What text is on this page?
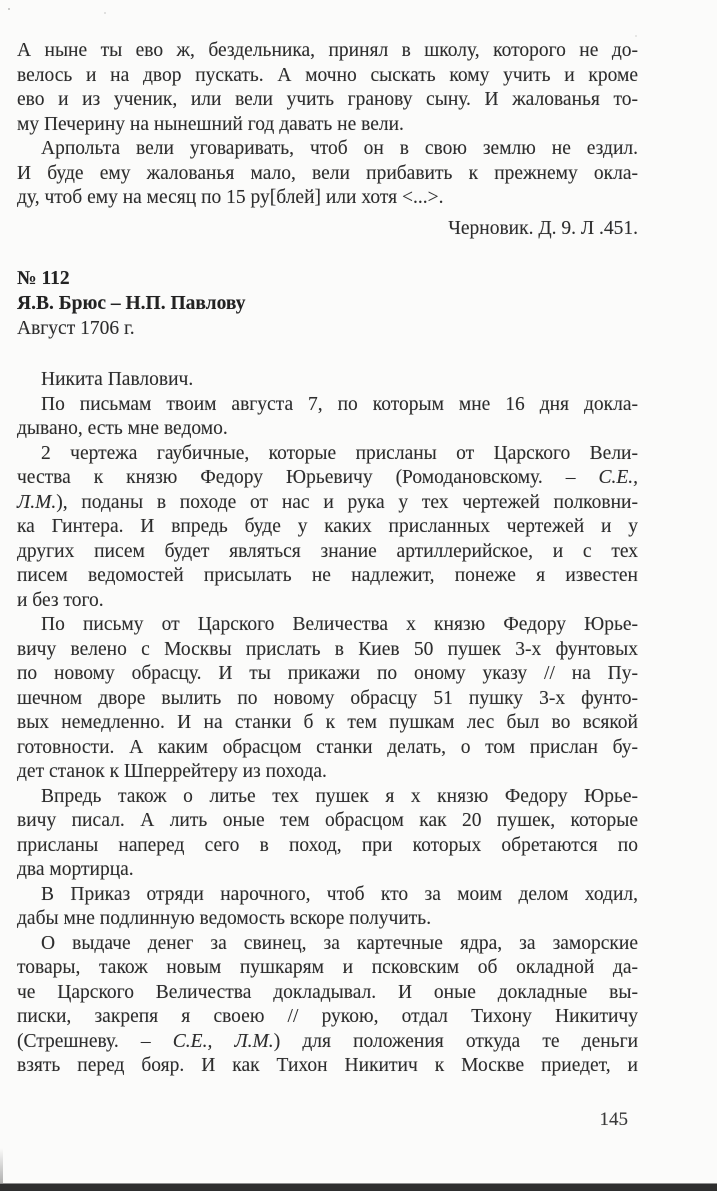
А ныне ты ево ж, бездельника, принял в школу, которого не до-
велось и на двор пускать. А мочно сыскать кому учить и кроме
ево и из ученик, или вели учить гранову сыну. И жалованья то-
му Печерину на нынешний год давать не вели.
Арпольта вели уговаривать, чтоб он в свою землю не ездил.
И буде ему жалованья мало, вели прибавить к прежнему окла-
ду, чтоб ему на месяц по 15 ру[блей] или хотя <...>.
Черновик. Д. 9. Л .451.
№ 112
Я.В. Брюс – Н.П. Павлову
Август 1706 г.
Никита Павлович.
По письмам твоим августа 7, по которым мне 16 дня докла-
дывано, есть мне ведомо.
2 чертежа гаубичные, которые присланы от Царского Вели-
чества к князю Федору Юрьевичу (Ромодановскому. – С.Е.,
Л.М.), поданы в походе от нас и рука у тех чертежей полковни-
ка Гинтера. И впредь буде у каких присланных чертежей и у
других писем будет являться знание артиллерийское, и с тех
писем ведомостей присылать не надлежит, понеже я известен
и без того.
По письму от Царского Величества х князю Федору Юрье-
вичу велено с Москвы прислать в Киев 50 пушек 3-х фунтовых
по новому обрасцу. И ты прикажи по оному указу // на Пу-
шечном дворе вылить по новому обрасцу 51 пушку 3-х фунто-
вых немедленно. И на станки б к тем пушкам лес был во всякой
готовности. А каким обрасцом станки делать, о том прислан бу-
дет станок к Шперрейтеру из похода.
Впредь також о литье тех пушек я х князю Федору Юрье-
вичу писал. А лить оные тем обрасцом как 20 пушек, которые
присланы наперед сего в поход, при которых обретаются по
два мортирца.
В Приказ отряди нарочного, чтоб кто за моим делом ходил,
дабы мне подлинную ведомость вскоре получить.
О выдаче денег за свинец, за картечные ядра, за заморские
товары, також новым пушкарям и псковским об окладной да-
че Царского Величества докладывал. И оные докладные вы-
писки, закрепя я своею // рукою, отдал Тихону Никитичу
(Стрешневу. – С.Е., Л.М.) для положения откуда те деньги
взять перед бояр. И как Тихон Никитич к Москве приедет, и
145
